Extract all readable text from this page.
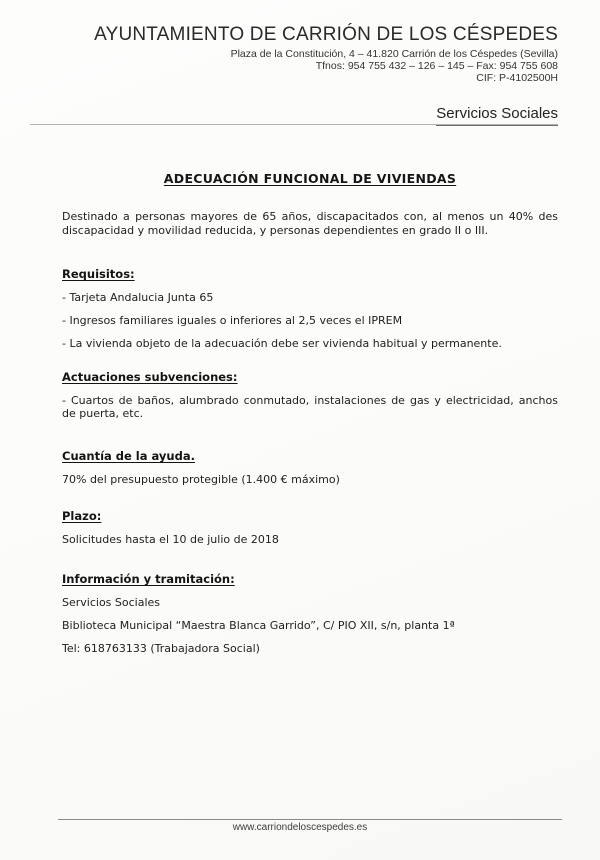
AYUNTAMIENTO DE CARRIÓN DE LOS CÉSPEDES
Plaza de la Constitución, 4 – 41.820 Carrión de los Céspedes (Sevilla)
Tfnos: 954 755 432 – 126 – 145 – Fax: 954 755 608
CIF: P-4102500H
Servicios Sociales
ADECUACIÓN FUNCIONAL DE VIVIENDAS

Destinado a personas mayores de 65 años, discapacitados con, al menos un 40% des discapacidad y movilidad reducida, y personas dependientes en grado II o III.

Requisitos:
- Tarjeta Andalucia Junta 65
- Ingresos familiares iguales o inferiores al 2,5 veces el IPREM
- La vivienda objeto de la adecuación debe ser vivienda habitual y permanente.
Actuaciones subvenciones:
- Cuartos de baños, alumbrado conmutado, instalaciones de gas y electricidad, anchos de puerta, etc.
Cuantía de la ayuda.
70% del presupuesto protegible (1.400 € máximo)
Plazo:
Solicitudes hasta el 10 de julio de 2018
Información y tramitación:
Servicios Sociales
Biblioteca Municipal “Maestra Blanca Garrido”, C/ PIO XII, s/n, planta 1ª
Tel: 618763133 (Trabajadora Social)
www.carriondeloscespedes.es
